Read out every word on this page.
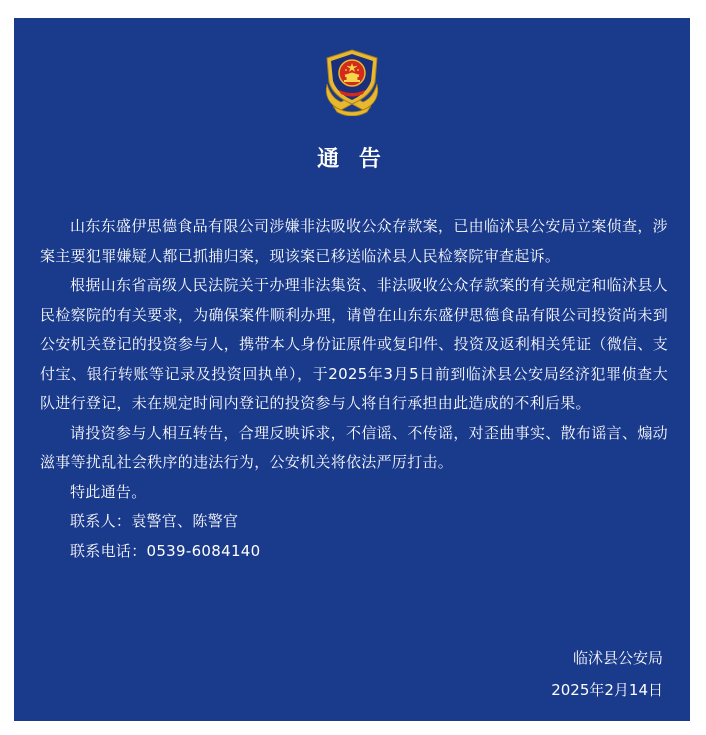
通 告

山东东盛伊思德食品有限公司涉嫌非法吸收公众存款案，已由临沭县公安局立案侦查，涉案主要犯罪嫌疑人都已抓捕归案，现该案已移送临沭县人民检察院审查起诉。

根据山东省高级人民法院关于办理非法集资、非法吸收公众存款案的有关规定和临沭县人民检察院的有关要求，为确保案件顺利办理，请曾在山东东盛伊思德食品有限公司投资尚未到公安机关登记的投资参与人，携带本人身份证原件或复印件、投资及返利相关凭证（微信、支付宝、银行转账等记录及投资回执单），于2025年3月5日前到临沭县公安局经济犯罪侦查大队进行登记，未在规定时间内登记的投资参与人将自行承担由此造成的不利后果。

请投资参与人相互转告，合理反映诉求，不信谣、不传谣，对歪曲事实、散布谣言、煽动滋事等扰乱社会秩序的违法行为，公安机关将依法严厉打击。

特此通告。

联系人：袁警官、陈警官

联系电话：0539-6084140

临沭县公安局
2025年2月14日
